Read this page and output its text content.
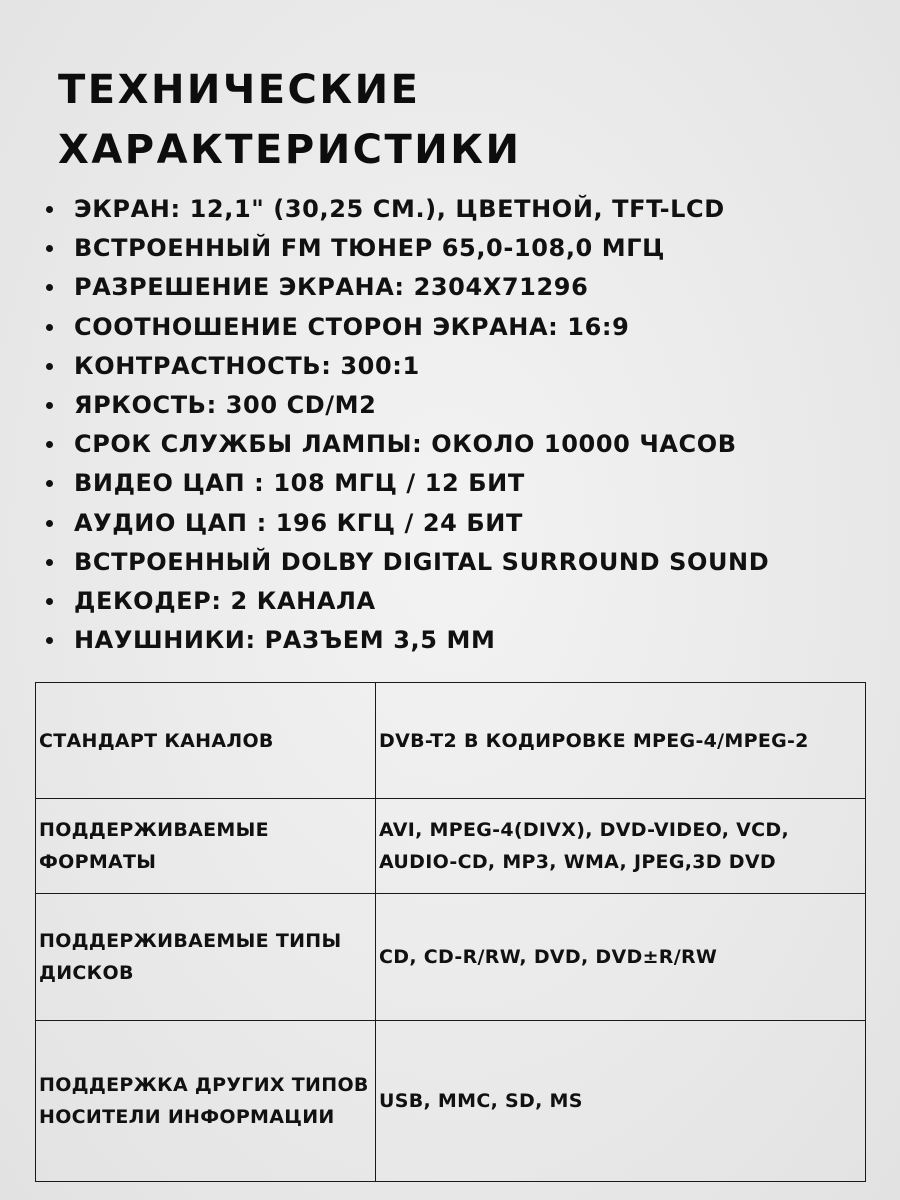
ТЕХНИЧЕСКИЕ
ХАРАКТЕРИСТИКИ
ЭКРАН: 12,1" (30,25 СМ.), ЦВЕТНОЙ, TFT-LCD
ВСТРОЕННЫЙ FM ТЮНЕР 65,0-108,0 МГЦ
РАЗРЕШЕНИЕ ЭКРАНА: 2304X71296
СООТНОШЕНИЕ СТОРОН ЭКРАНА: 16:9
КОНТРАСТНОСТЬ: 300:1
ЯРКОСТЬ: 300 CD/M2
СРОК СЛУЖБЫ ЛАМПЫ: ОКОЛО 10000 ЧАСОВ
ВИДЕО ЦАП : 108 МГЦ / 12 БИТ
АУДИО ЦАП : 196 КГЦ / 24 БИТ
ВСТРОЕННЫЙ DOLBY DIGITAL SURROUND SOUND
ДЕКОДЕР: 2 КАНАЛА
НАУШНИКИ: РАЗЪЕМ 3,5 ММ
СТАНДАРТ КАНАЛОВ	DVB-T2 В КОДИРОВКЕ MPEG-4/MPEG-2
ПОДДЕРЖИВАЕМЫЕ ФОРМАТЫ	AVI, MPEG-4(DIVX), DVD-VIDEO, VCD, AUDIO-CD, MP3, WMA, JPEG,3D DVD
ПОДДЕРЖИВАЕМЫЕ ТИПЫ ДИСКОВ	CD, CD-R/RW, DVD, DVD±R/RW
ПОДДЕРЖКА ДРУГИХ ТИПОВ НОСИТЕЛИ ИНФОРМАЦИИ	USB, MMC, SD, MS
